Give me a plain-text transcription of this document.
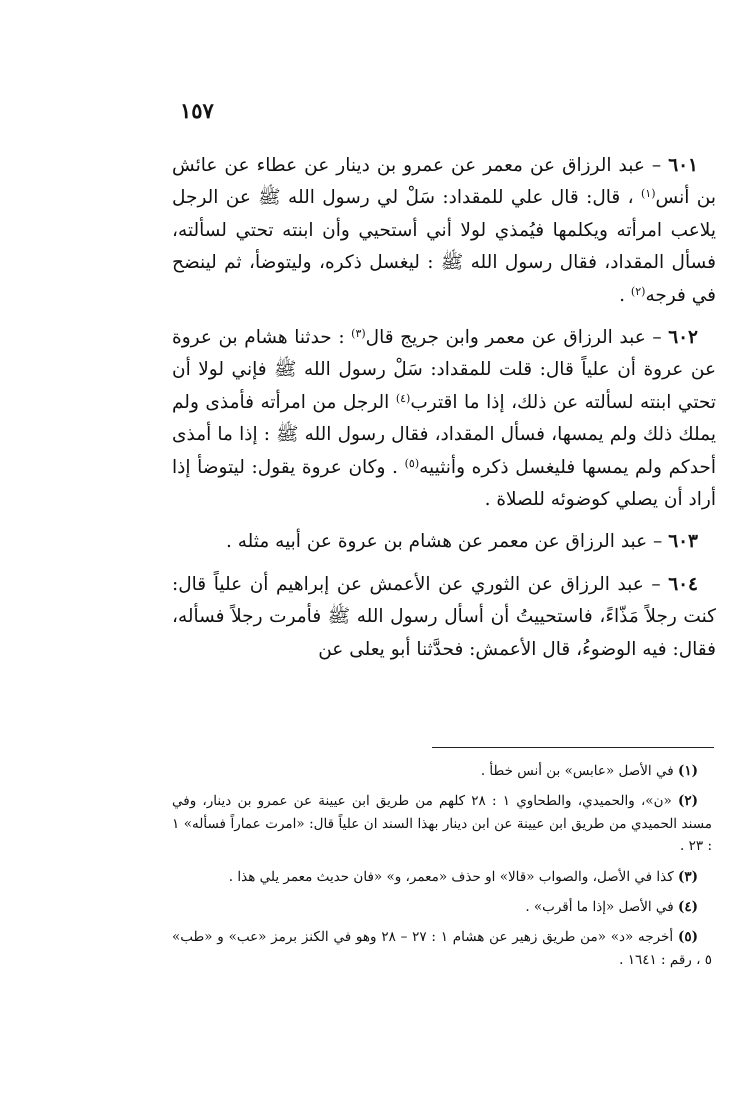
١٥٧

٦٠١ – عبد الرزاق عن معمر عن عمرو بن دينار عن عطاء عن عائش بن أنس$^{(١)}$ ، قال: قال علي للمقداد: سَلْ لي رسول الله ﷺ عن الرجل يلاعب امرأته ويكلمها فيُمذي لولا أني أستحيي وأن ابنته تحتي لسألته، فسأل المقداد، فقال رسول الله ﷺ : ليغسل ذكره، وليتوضأ، ثم لينضح في فرجه$^{(٢)}$ .

٦٠٢ – عبد الرزاق عن معمر وابن جريج قال$^{(٣)}$ : حدثنا هشام بن عروة عن عروة أن علياً قال: قلت للمقداد: سَلْ رسول الله ﷺ فإني لولا أن تحتي ابنته لسألته عن ذلك، إذا ما اقترب$^{(٤)}$ الرجل من امرأته فأمذى ولم يملك ذلك ولم يمسها، فسأل المقداد، فقال رسول الله ﷺ : إذا ما أمذى أحدكم ولم يمسها فليغسل ذكره وأنثييه$^{(٥)}$ . وكان عروة يقول: ليتوضأ إذا أراد أن يصلي كوضوئه للصلاة .

٦٠٣ – عبد الرزاق عن معمر عن هشام بن عروة عن أبيه مثله .

٦٠٤ – عبد الرزاق عن الثوري عن الأعمش عن إبراهيم أن علياً قال: كنت رجلاً مَذّاءً، فاستحييتُ أن أسأل رسول الله ﷺ فأمرت رجلاً فسأله، فقال: فيه الوضوءُ، قال الأعمش: فحدَّثنا أبو يعلى عن

(١) في الأصل «عابس» بن أنس خطأ .

(٢) «ن»، والحميدي، والطحاوي ١ : ٢٨ كلهم من طريق ابن عيينة عن عمرو بن دينار، وفي مسند الحميدي من طريق ابن عيينة عن ابن دينار بهذا السند ان علياً قال: «امرت عماراً فسأله» ١ : ٢٣ .

(٣) كذا في الأصل، والصواب «قالا» او حذف «معمر، و» «فان حديث معمر يلي هذا .

(٤) في الأصل «إذا ما أقرب» .

(٥) أخرجه «د» «من طريق زهير عن هشام ١ : ٢٧ – ٢٨ وهو في الكنز برمز «عب» و «طب» ٥ ، رقم : ١٦٤١ .
